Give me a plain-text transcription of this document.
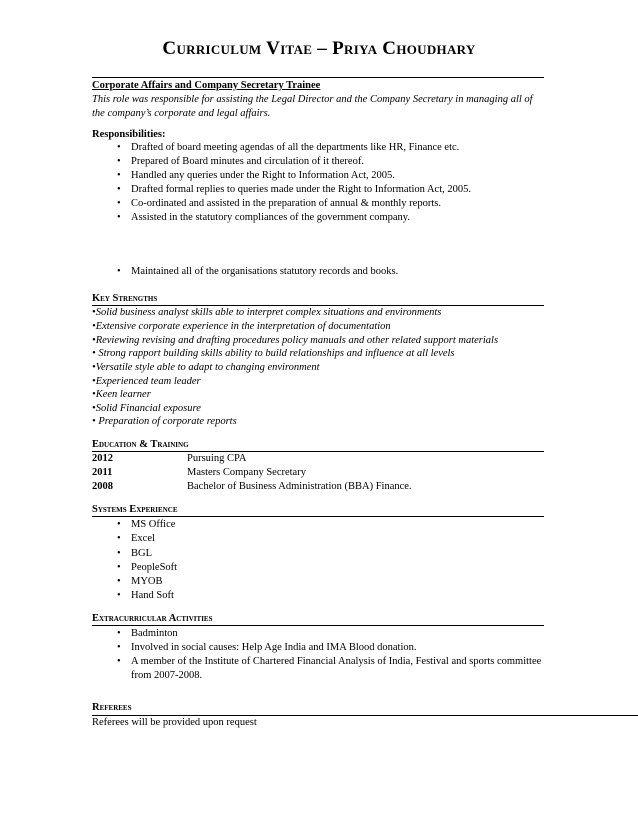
Curriculum Vitae – Priya Choudhary
Corporate Affairs and Company Secretary Trainee
This role was responsible for assisting the Legal Director and the Company Secretary in managing all of
the company’s corporate and legal affairs.
Responsibilities:
• Drafted of board meeting agendas of all the departments like HR, Finance etc.
• Prepared of Board minutes and circulation of it thereof.
• Handled any queries under the Right to Information Act, 2005.
• Drafted formal replies to queries made under the Right to Information Act, 2005.
• Co-ordinated and assisted in the preparation of annual & monthly reports.
• Assisted in the statutory compliances of the government company.
• Maintained all of the organisations statutory records and books.
Key Strengths
•Solid business analyst skills able to interpret complex situations and environments
•Extensive corporate experience in the interpretation of documentation
•Reviewing revising and drafting procedures policy manuals and other related support materials
• Strong rapport building skills ability to build relationships and influence at all levels
•Versatile style able to adapt to changing environment
•Experienced team leader
•Keen learner
•Solid Financial exposure
• Preparation of corporate reports
Education & Training
2012	Pursuing CPA
2011	Masters Company Secretary
2008	Bachelor of Business Administration (BBA) Finance.
Systems Experience
• MS Office
• Excel
• BGL
• PeopleSoft
• MYOB
• Hand Soft
Extracurricular Activities
• Badminton
• Involved in social causes: Help Age India and IMA Blood donation.
• A member of the Institute of Chartered Financial Analysis of India, Festival and sports committee
from 2007-2008.
Referees
Referees will be provided upon request
